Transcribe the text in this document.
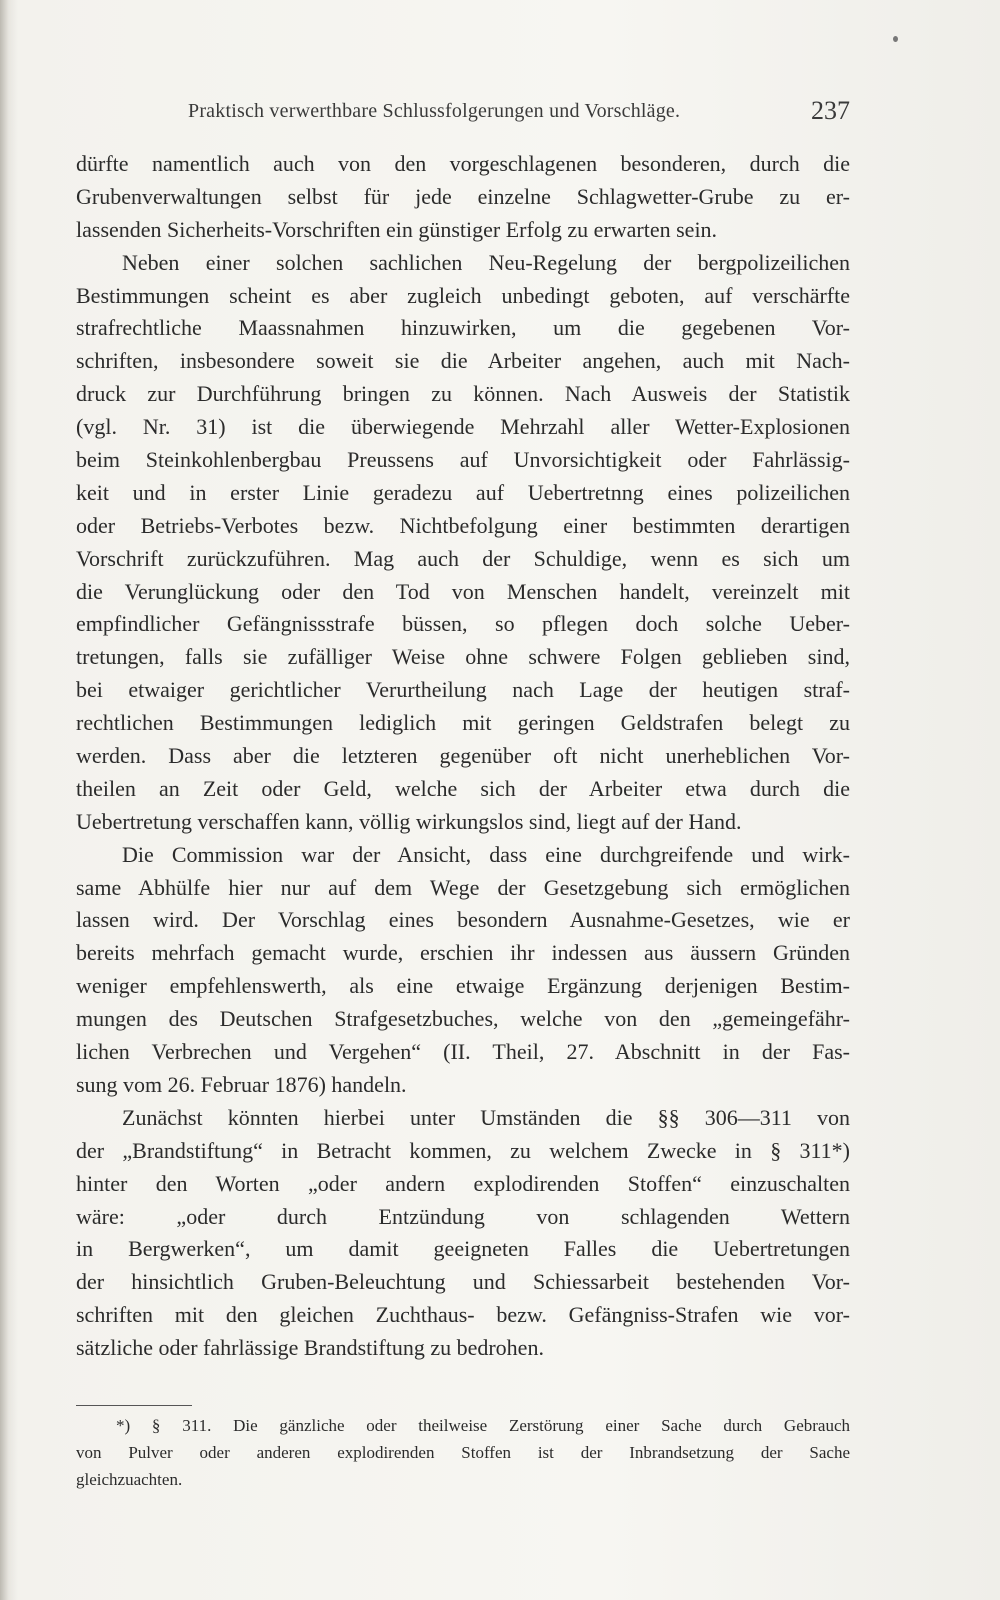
Praktisch verwerthbare Schlussfolgerungen und Vorschläge.	237
dürfte namentlich auch von den vorgeschlagenen besonderen, durch die
Grubenverwaltungen selbst für jede einzelne Schlagwetter-Grube zu er-
lassenden Sicherheits-Vorschriften ein günstiger Erfolg zu erwarten sein.
Neben einer solchen sachlichen Neu-Regelung der bergpolizeilichen
Bestimmungen scheint es aber zugleich unbedingt geboten, auf verschärfte
strafrechtliche Maassnahmen hinzuwirken, um die gegebenen Vor-
schriften, insbesondere soweit sie die Arbeiter angehen, auch mit Nach-
druck zur Durchführung bringen zu können. Nach Ausweis der Statistik
(vgl. Nr. 31) ist die überwiegende Mehrzahl aller Wetter-Explosionen
beim Steinkohlenbergbau Preussens auf Unvorsichtigkeit oder Fahrlässig-
keit und in erster Linie geradezu auf Uebertretnng eines polizeilichen
oder Betriebs-Verbotes bezw. Nichtbefolgung einer bestimmten derartigen
Vorschrift zurückzuführen. Mag auch der Schuldige, wenn es sich um
die Verunglückung oder den Tod von Menschen handelt, vereinzelt mit
empfindlicher Gefängnissstrafe büssen, so pflegen doch solche Ueber-
tretungen, falls sie zufälliger Weise ohne schwere Folgen geblieben sind,
bei etwaiger gerichtlicher Verurtheilung nach Lage der heutigen straf-
rechtlichen Bestimmungen lediglich mit geringen Geldstrafen belegt zu
werden. Dass aber die letzteren gegenüber oft nicht unerheblichen Vor-
theilen an Zeit oder Geld, welche sich der Arbeiter etwa durch die
Uebertretung verschaffen kann, völlig wirkungslos sind, liegt auf der Hand.
Die Commission war der Ansicht, dass eine durchgreifende und wirk-
same Abhülfe hier nur auf dem Wege der Gesetzgebung sich ermöglichen
lassen wird. Der Vorschlag eines besondern Ausnahme-Gesetzes, wie er
bereits mehrfach gemacht wurde, erschien ihr indessen aus äussern Gründen
weniger empfehlenswerth, als eine etwaige Ergänzung derjenigen Bestim-
mungen des Deutschen Strafgesetzbuches, welche von den „gemeingefähr-
lichen Verbrechen und Vergehen“ (II. Theil, 27. Abschnitt in der Fas-
sung vom 26. Februar 1876) handeln.
Zunächst könnten hierbei unter Umständen die §§ 306—311 von
der „Brandstiftung“ in Betracht kommen, zu welchem Zwecke in § 311*)
hinter den Worten „oder andern explodirenden Stoffen“ einzuschalten
wäre: „oder durch Entzündung von schlagenden Wettern
in Bergwerken“, um damit geeigneten Falles die Uebertretungen
der hinsichtlich Gruben-Beleuchtung und Schiessarbeit bestehenden Vor-
schriften mit den gleichen Zuchthaus- bezw. Gefängniss-Strafen wie vor-
sätzliche oder fahrlässige Brandstiftung zu bedrohen.
*) § 311. Die gänzliche oder theilweise Zerstörung einer Sache durch Gebrauch
von Pulver oder anderen explodirenden Stoffen ist der Inbrandsetzung der Sache
gleichzuachten.
